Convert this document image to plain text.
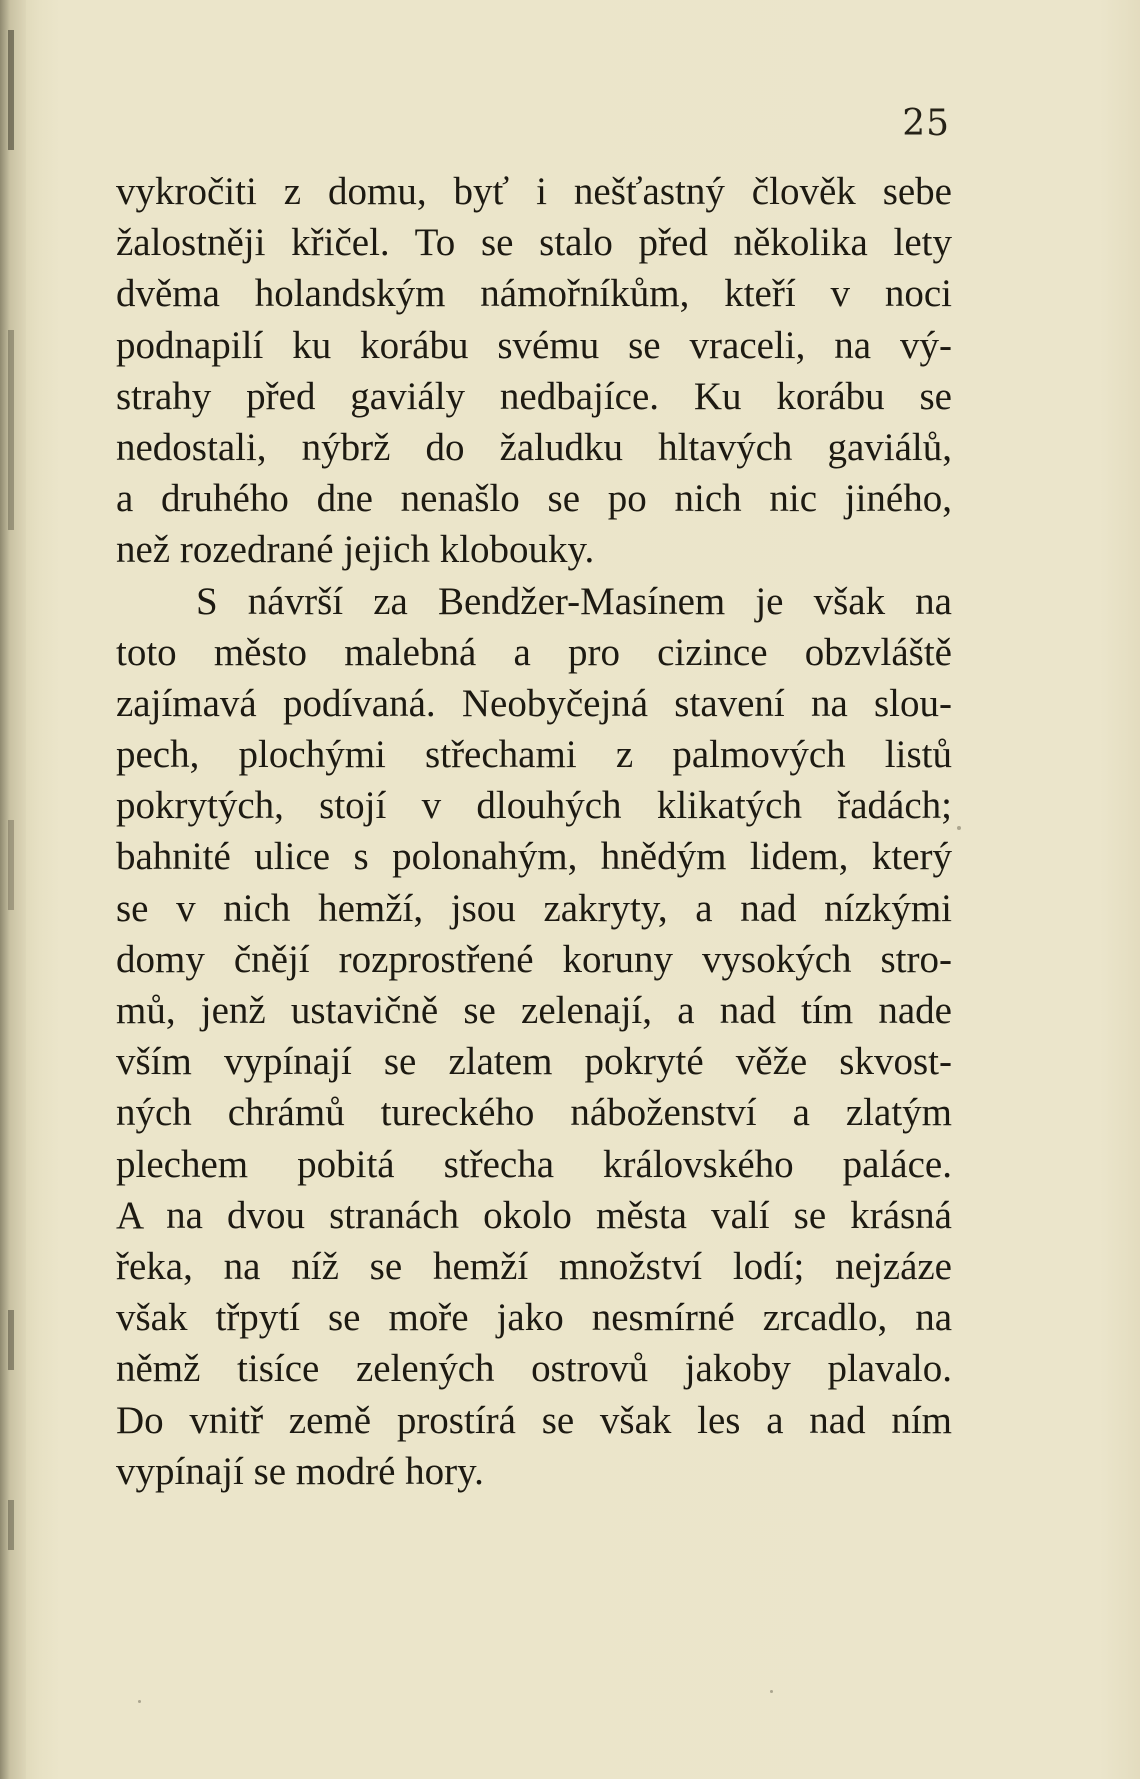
25
vykročiti z domu, byť i nešťastný člověk sebe
žalostněji křičel. To se stalo před několika lety
dvěma holandským námořníkům, kteří v noci
podnapilí ku korábu svému se vraceli, na vý-
strahy před gaviály nedbajíce. Ku korábu se
nedostali, nýbrž do žaludku hltavých gaviálů,
a druhého dne nenašlo se po nich nic jiného,
než rozedrané jejich klobouky.
S návrší za Bendžer-Masínem je však na
toto město malebná a pro cizince obzvláště
zajímavá podívaná. Neobyčejná stavení na slou-
pech, plochými střechami z palmových listů
pokrytých, stojí v dlouhých klikatých řadách;
bahnité ulice s polonahým, hnědým lidem, který
se v nich hemží, jsou zakryty, a nad nízkými
domy čnějí rozprostřené koruny vysokých stro-
mů, jenž ustavičně se zelenají, a nad tím nade
vším vypínají se zlatem pokryté věže skvost-
ných chrámů tureckého náboženství a zlatým
plechem pobitá střecha královského paláce.
A na dvou stranách okolo města valí se krásná
řeka, na níž se hemží množství lodí; nejzáze
však třpytí se moře jako nesmírné zrcadlo, na
němž tisíce zelených ostrovů jakoby plavalo.
Do vnitř země prostírá se však les a nad ním
vypínají se modré hory.
